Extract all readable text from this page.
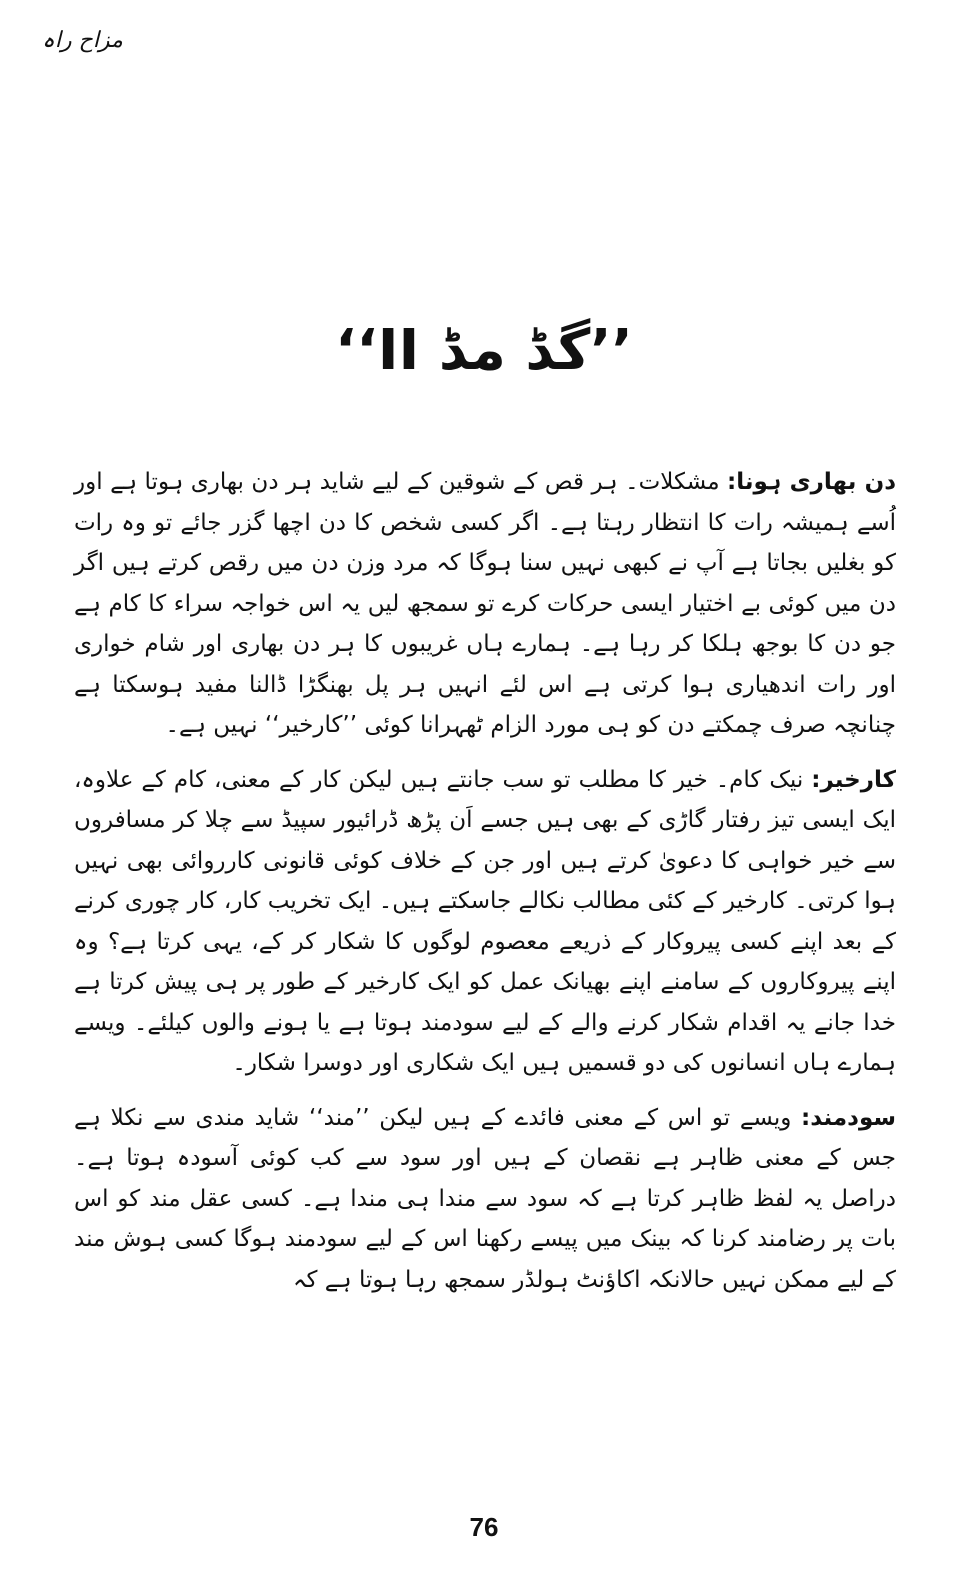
مزاح راہ
’’گڈ مڈ II‘‘

دن بھاری ہونا: مشکلات۔ ہر قص کے شوقین کے لیے شاید ہر دن بھاری ہوتا ہے اور اُسے ہمیشہ رات کا انتظار رہتا ہے۔ اگر کسی شخص کا دن اچھا گزر جائے تو وہ رات کو بغلیں بجاتا ہے آپ نے کبھی نہیں سنا ہوگا کہ مرد وزن دن میں رقص کرتے ہیں اگر دن میں کوئی بے اختیار ایسی حرکات کرے تو سمجھ لیں یہ اس خواجہ سراء کا کام ہے جو دن کا بوجھ ہلکا کر رہا ہے۔ ہمارے ہاں غریبوں کا ہر دن بھاری اور شام خواری اور رات اندھیاری ہوا کرتی ہے اس لئے انہیں ہر پل بھنگڑا ڈالنا مفید ہوسکتا ہے چنانچہ صرف چمکتے دن کو ہی مورد الزام ٹھہرانا کوئی ’’کارخیر‘‘ نہیں ہے۔

کارخیر: نیک کام۔ خیر کا مطلب تو سب جانتے ہیں لیکن کار کے معنی، کام کے علاوہ، ایک ایسی تیز رفتار گاڑی کے بھی ہیں جسے اَن پڑھ ڈرائیور سپیڈ سے چلا کر مسافروں سے خیر خواہی کا دعویٰ کرتے ہیں اور جن کے خلاف کوئی قانونی کارروائی بھی نہیں ہوا کرتی۔ کارخیر کے کئی مطالب نکالے جاسکتے ہیں۔ ایک تخریب کار، کار چوری کرنے کے بعد اپنے کسی پیروکار کے ذریعے معصوم لوگوں کا شکار کر کے، یہی کرتا ہے؟ وہ اپنے پیروکاروں کے سامنے اپنے بھیانک عمل کو ایک کارخیر کے طور پر ہی پیش کرتا ہے خدا جانے یہ اقدام شکار کرنے والے کے لیے سودمند ہوتا ہے یا ہونے والوں کیلئے۔ ویسے ہمارے ہاں انسانوں کی دو قسمیں ہیں ایک شکاری اور دوسرا شکار۔

سودمند: ویسے تو اس کے معنی فائدے کے ہیں لیکن ’’مند‘‘ شاید مندی سے نکلا ہے جس کے معنی ظاہر ہے نقصان کے ہیں اور سود سے کب کوئی آسودہ ہوتا ہے۔ دراصل یہ لفظ ظاہر کرتا ہے کہ سود سے مندا ہی مندا ہے۔ کسی عقل مند کو اس بات پر رضامند کرنا کہ بینک میں پیسے رکھنا اس کے لیے سودمند ہوگا کسی ہوش مند کے لیے ممکن نہیں حالانکہ اکاؤنٹ ہولڈر سمجھ رہا ہوتا ہے کہ

76
